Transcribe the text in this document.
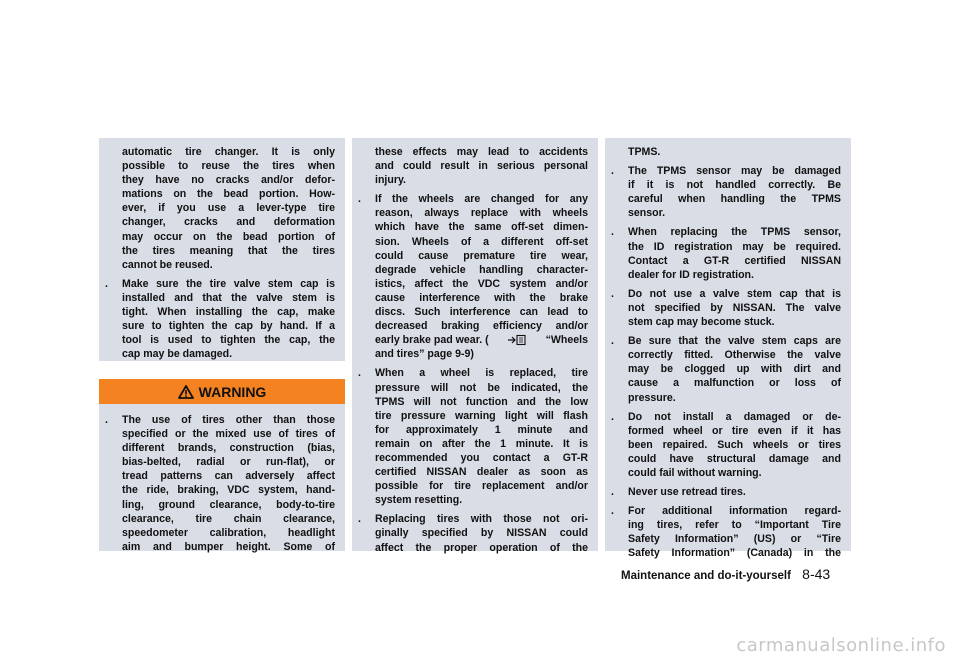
WARNING

automatic tire changer. It is only

possible to reuse the tires when

they have no cracks and/or defor-

mations on the bead portion. How-

ever, if you use a lever-type tire

changer, cracks and deformation

may occur on the bead portion of

the tires meaning that the tires

cannot be reused.

. Make sure the tire valve stem cap is

installed and that the valve stem is

tight. When installing the cap, make

sure to tighten the cap by hand. If a

tool is used to tighten the cap, the

cap may be damaged.

. The use of tires other than those

specified or the mixed use of tires of

different brands, construction (bias,

bias-belted, radial or run-flat), or

tread patterns can adversely affect

the ride, braking, VDC system, hand-

ling, ground clearance, body-to-tire

clearance, tire chain clearance,

speedometer calibration, headlight

aim and bumper height. Some of

these effects may lead to accidents

and could result in serious personal

injury.

. If the wheels are changed for any

reason, always replace with wheels

which have the same off-set dimen-

sion. Wheels of a different off-set

could cause premature tire wear,

degrade vehicle handling character-

istics, affect the VDC system and/or

cause interference with the brake

discs. Such interference can lead to

decreased braking efficiency and/or

early brake pad wear. (	“Wheels

and tires” page 9-9)

. When a wheel is replaced, tire

pressure will not be indicated, the

TPMS will not function and the low

tire pressure warning light will flash

for approximately 1 minute and

remain on after the 1 minute. It is

recommended you contact a GT-R

certified NISSAN dealer as soon as

possible for tire replacement and/or

system resetting.

. Replacing tires with those not ori-

ginally specified by NISSAN could

affect the proper operation of the

TPMS.

. The TPMS sensor may be damaged

if it is not handled correctly. Be

careful when handling the TPMS

sensor.

. When replacing the TPMS sensor,

the ID registration may be required.

Contact a GT-R certified NISSAN

dealer for ID registration.

. Do not use a valve stem cap that is

not specified by NISSAN. The valve

stem cap may become stuck.

. Be sure that the valve stem caps are

correctly fitted. Otherwise the valve

may be clogged up with dirt and

cause a malfunction or loss of

pressure.

. Do not install a damaged or de-

formed wheel or tire even if it has

been repaired. Such wheels or tires

could have structural damage and

could fail without warning.

. Never use retread tires.

. For additional information regard-

ing tires, refer to “Important Tire

Safety Information” (US) or “Tire

Safety Information” (Canada) in the

Maintenance and do-it-yourself 8-43
carmanualsonline.info
